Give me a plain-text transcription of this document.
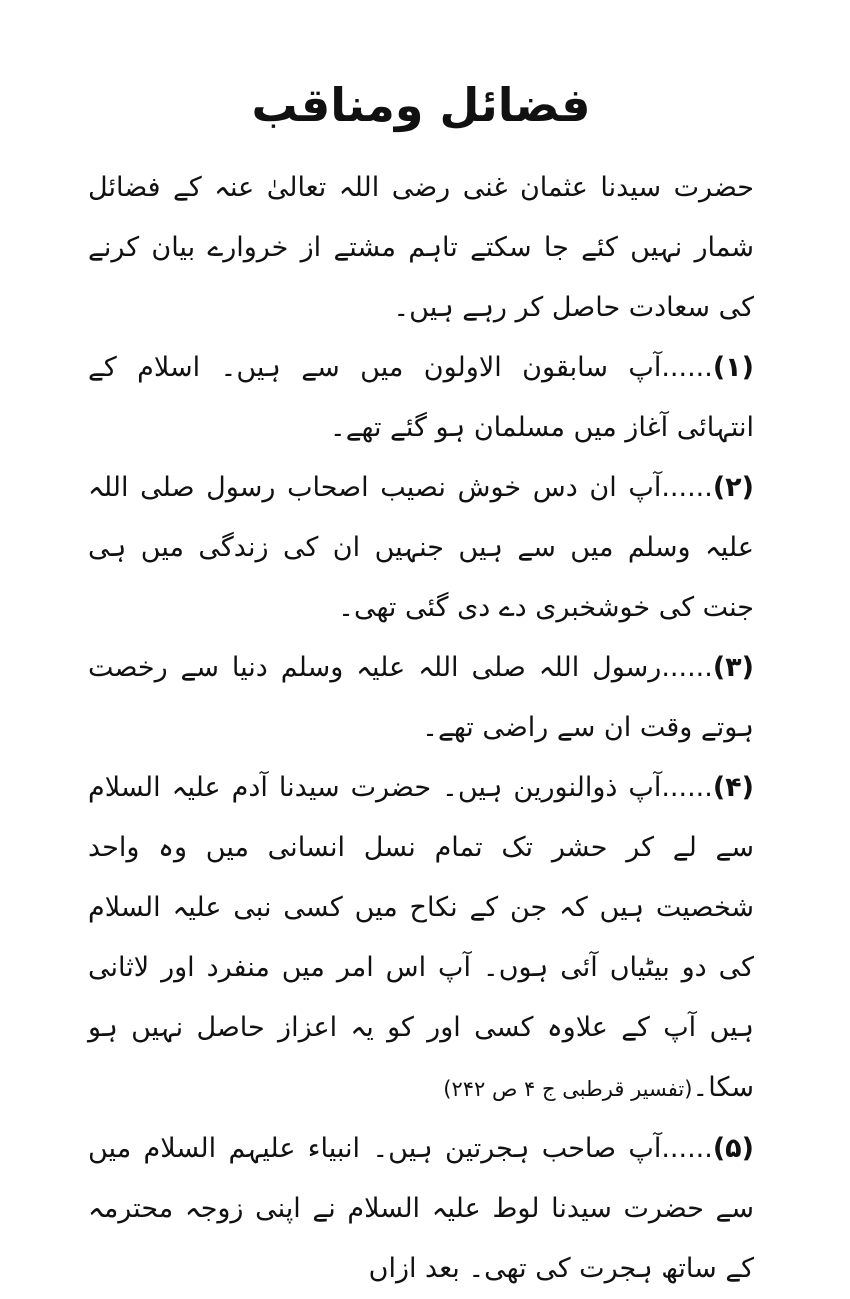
فضائل ومناقب

حضرت سیدنا عثمان غنی رضی اللہ تعالیٰ عنہ کے فضائل شمار نہیں کئے جا سکتے تاہم مشتے از خروارے بیان کرنے کی سعادت حاصل کر رہے ہیں۔

(۱)......آپ سابقون الاولون میں سے ہیں۔ اسلام کے انتہائی آغاز میں مسلمان ہو گئے تھے۔

(۲)......آپ ان دس خوش نصیب اصحاب رسول صلی اللہ علیہ وسلم میں سے ہیں جنہیں ان کی زندگی میں ہی جنت کی خوشخبری دے دی گئی تھی۔

(۳)......رسول اللہ صلی اللہ علیہ وسلم دنیا سے رخصت ہوتے وقت ان سے راضی تھے۔

(۴)......آپ ذوالنورین ہیں۔ حضرت سیدنا آدم علیہ السلام سے لے کر حشر تک تمام نسل انسانی میں وہ واحد شخصیت ہیں کہ جن کے نکاح میں کسی نبی علیہ السلام کی دو بیٹیاں آئی ہوں۔ آپ اس امر میں منفرد اور لاثانی ہیں آپ کے علاوہ کسی اور کو یہ اعزاز حاصل نہیں ہو سکا۔(تفسیر قرطبی ج ۴ ص ۲۴۲)

(۵)......آپ صاحب ہجرتین ہیں۔ انبیاء علیہم السلام میں سے حضرت سیدنا لوط علیہ السلام نے اپنی زوجہ محترمہ کے ساتھ ہجرت کی تھی۔ بعد ازاں
